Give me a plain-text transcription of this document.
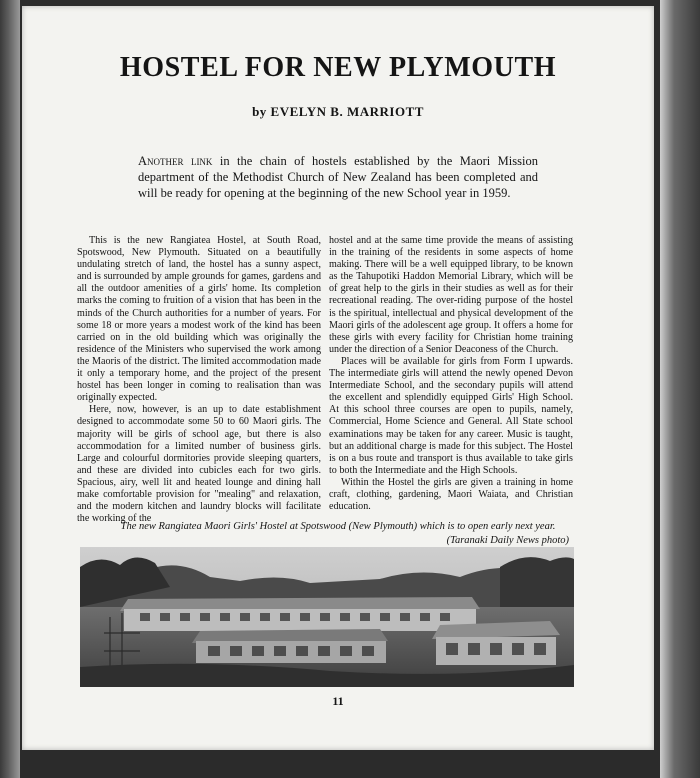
HOSTEL FOR NEW PLYMOUTH
by EVELYN B. MARRIOTT

Another link in the chain of hostels established by the Maori Mission department of the Methodist Church of New Zealand has been completed and will be ready for opening at the beginning of the new School year in 1959.

This is the new Rangiatea Hostel, at South Road, Spotswood, New Plymouth. Situated on a beautifully undulating stretch of land, the hostel has a sunny aspect, and is surrounded by ample grounds for games, gardens and all the outdoor amenities of a girls' home. Its completion marks the coming to fruition of a vision that has been in the minds of the Church authorities for a number of years. For some 18 or more years a modest work of the kind has been carried on in the old building which was originally the residence of the Ministers who supervised the work among the Maoris of the district. The limited accommodation made it only a temporary home, and the project of the present hostel has been longer in coming to realisation than was originally expected.

Here, now, however, is an up to date establishment designed to accommodate some 50 to 60 Maori girls. The majority will be girls of school age, but there is also accommodation for a limited number of business girls. Large and colourful dormitories provide sleeping quarters, and these are divided into cubicles each for two girls. Spacious, airy, well lit and heated lounge and dining hall make comfortable provision for "mealing" and relaxation, and the modern kitchen and laundry blocks will facilitate the working of the

hostel and at the same time provide the means of assisting in the training of the residents in some aspects of home making. There will be a well equipped library, to be known as the Tahupotiki Haddon Memorial Library, which will be of great help to the girls in their studies as well as for their recreational reading. The over-riding purpose of the hostel is the spiritual, intellectual and physical development of the Maori girls of the adolescent age group. It offers a home for these girls with every facility for Christian home training under the direction of a Senior Deaconess of the Church.

Places will be available for girls from Form I upwards. The intermediate girls will attend the newly opened Devon Intermediate School, and the secondary pupils will attend the excellent and splendidly equipped Girls' High School. At this school three courses are open to pupils, namely, Commercial, Home Science and General. All State school examinations may be taken for any career. Music is taught, but an additional charge is made for this subject. The Hostel is on a bus route and transport is thus available to take girls to both the Intermediate and the High Schools.

Within the Hostel the girls are given a training in home craft, clothing, gardening, Maori Waiata, and Christian education.

The new Rangiatea Maori Girls' Hostel at Spotswood (New Plymouth) which is to open early next year.
(Taranaki Daily News photo)
11
